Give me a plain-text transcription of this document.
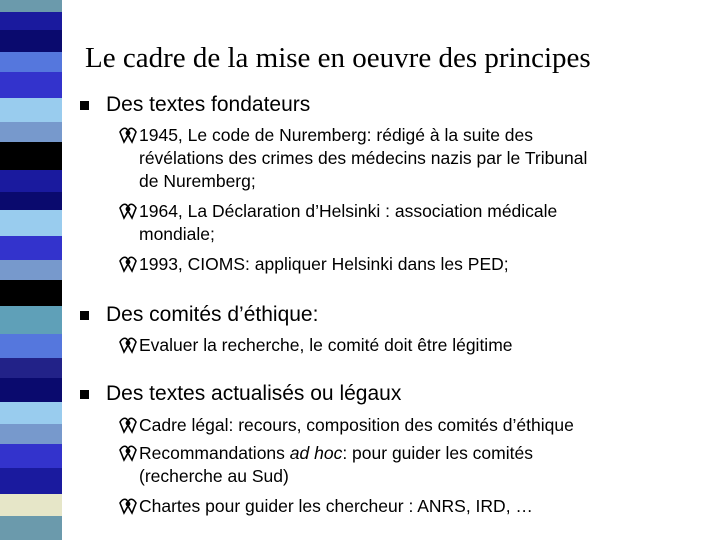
Le cadre de la mise en oeuvre des principes
Des textes fondateurs
1945, Le code de Nuremberg: rédigé à la suite des
révélations des crimes des médecins nazis par le Tribunal
de Nuremberg;
1964, La Déclaration d’Helsinki : association médicale
mondiale;
1993, CIOMS: appliquer Helsinki dans les PED;
Des comités d’éthique:
Evaluer la recherche, le comité doit être légitime
Des textes actualisés ou légaux
Cadre légal: recours, composition des comités d’éthique
Recommandations ad hoc: pour guider les comités
(recherche au Sud)
Chartes pour guider les chercheur : ANRS, IRD, …
